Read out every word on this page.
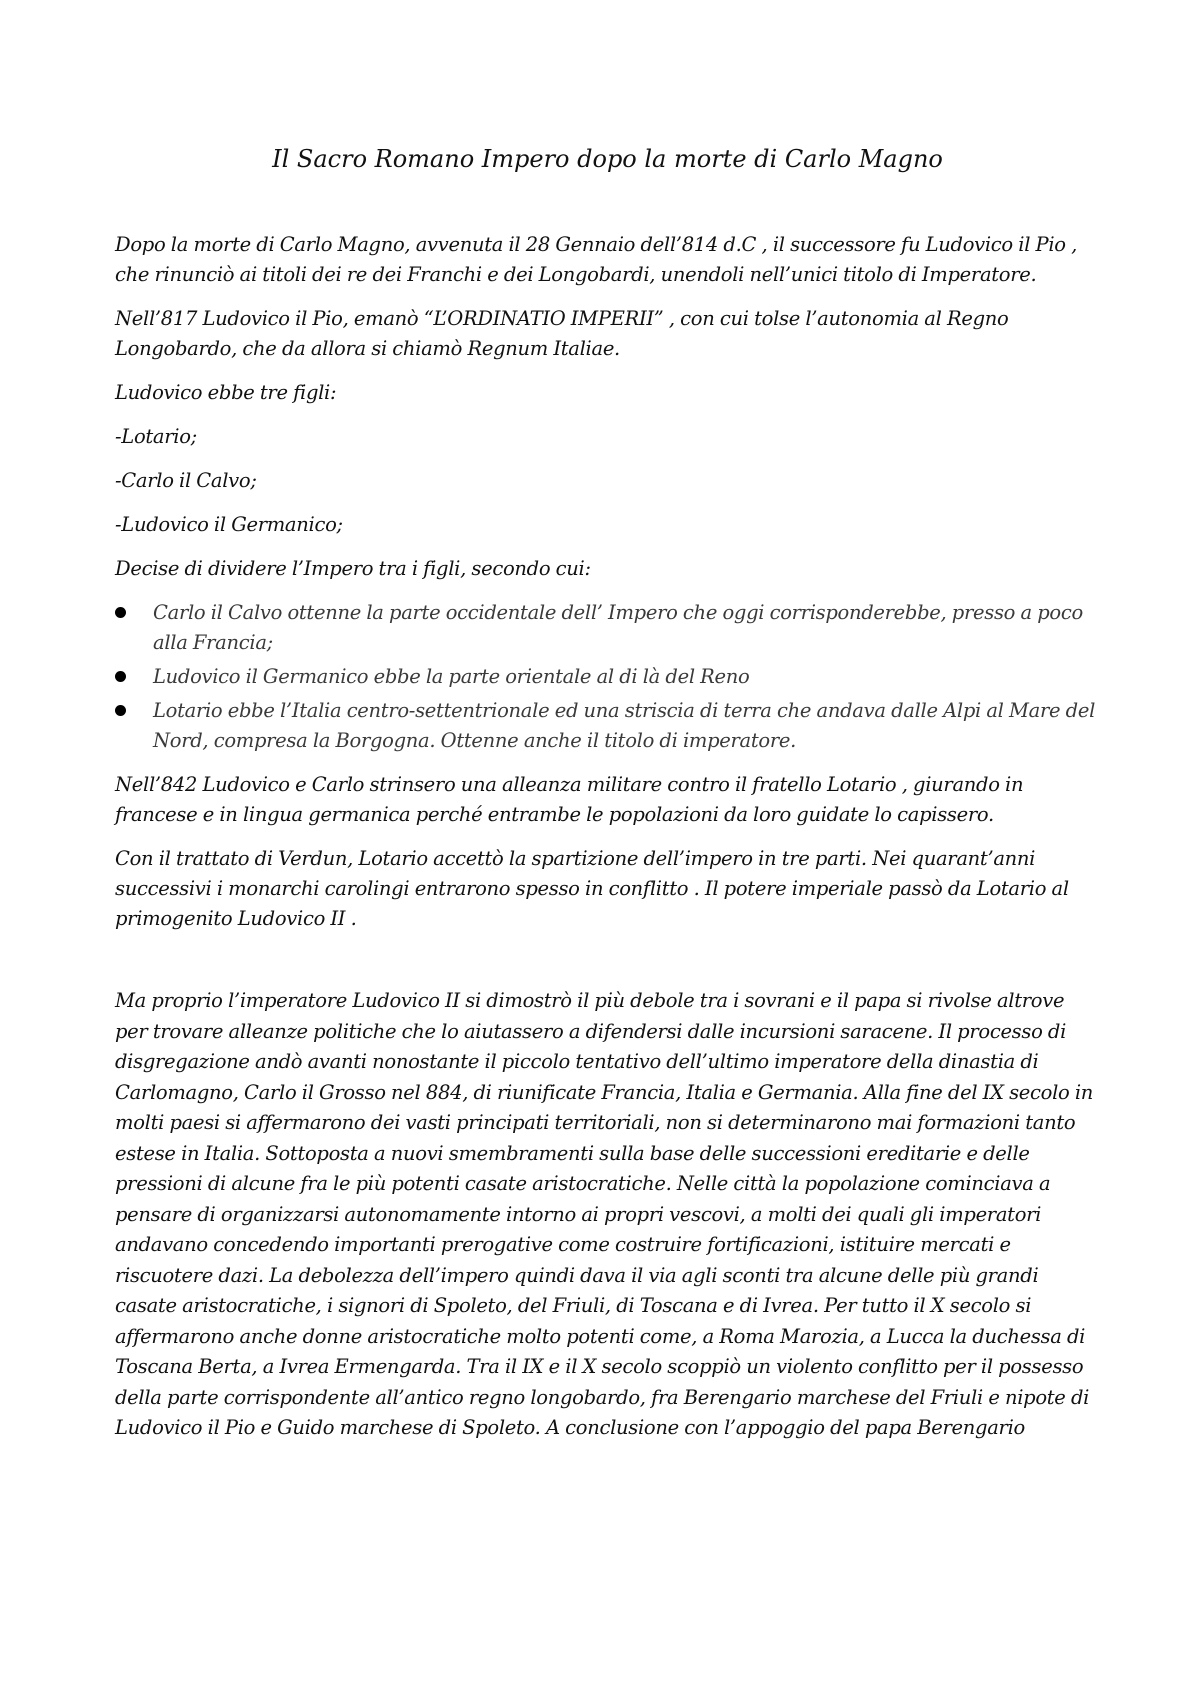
Il Sacro Romano Impero dopo la morte di Carlo Magno

Dopo la morte di Carlo Magno, avvenuta il 28 Gennaio dell’814 d.C , il successore fu Ludovico il Pio , che rinunciò ai titoli dei re dei Franchi e dei Longobardi, unendoli nell’unici titolo di Imperatore.

Nell’817 Ludovico il Pio, emanò “L’ORDINATIO IMPERII” , con cui tolse l’autonomia al Regno Longobardo, che da allora si chiamò Regnum Italiae.

Ludovico ebbe tre figli:

-Lotario;

-Carlo il Calvo;

-Ludovico il Germanico;

Decise di dividere l’Impero tra i figli, secondo cui:

Carlo il Calvo ottenne la parte occidentale dell’ Impero che oggi corrisponderebbe, presso a poco alla Francia;
Ludovico il Germanico ebbe la parte orientale al di là del Reno
Lotario ebbe l’Italia centro-settentrionale ed una striscia di terra che andava dalle Alpi al Mare del Nord, compresa la Borgogna. Ottenne anche il titolo di imperatore.

Nell’842 Ludovico e Carlo strinsero una alleanza militare contro il fratello Lotario , giurando in francese e in lingua germanica perché entrambe le popolazioni da loro guidate lo capissero.

Con il trattato di Verdun, Lotario accettò la spartizione dell’impero in tre parti. Nei quarant’anni successivi i monarchi carolingi entrarono spesso in conflitto . Il potere imperiale passò da Lotario al primogenito Ludovico II .

Ma proprio l’imperatore Ludovico II si dimostrò il più debole tra i sovrani e il papa si rivolse altrove per trovare alleanze politiche che lo aiutassero a difendersi dalle incursioni saracene. Il processo di disgregazione andò avanti nonostante il piccolo tentativo dell’ultimo imperatore della dinastia di Carlomagno, Carlo il Grosso nel 884, di riunificate Francia, Italia e Germania. Alla fine del IX secolo in molti paesi si affermarono dei vasti principati territoriali, non si determinarono mai formazioni tanto estese in Italia. Sottoposta a nuovi smembramenti sulla base delle successioni ereditarie e delle pressioni di alcune fra le più potenti casate aristocratiche. Nelle città la popolazione cominciava a pensare di organizzarsi autonomamente intorno ai propri vescovi, a molti dei quali gli imperatori andavano concedendo importanti prerogative come costruire fortificazioni, istituire mercati e riscuotere dazi. La debolezza dell’impero quindi dava il via agli sconti tra alcune delle più grandi casate aristocratiche, i signori di Spoleto, del Friuli, di Toscana e di Ivrea. Per tutto il X secolo si affermarono anche donne aristocratiche molto potenti come, a Roma Marozia, a Lucca la duchessa di Toscana Berta, a Ivrea Ermengarda. Tra il IX e il X secolo scoppiò un violento conflitto per il possesso della parte corrispondente all’antico regno longobardo, fra Berengario marchese del Friuli e nipote di Ludovico il Pio e Guido marchese di Spoleto. A conclusione con l’appoggio del papa Berengario
